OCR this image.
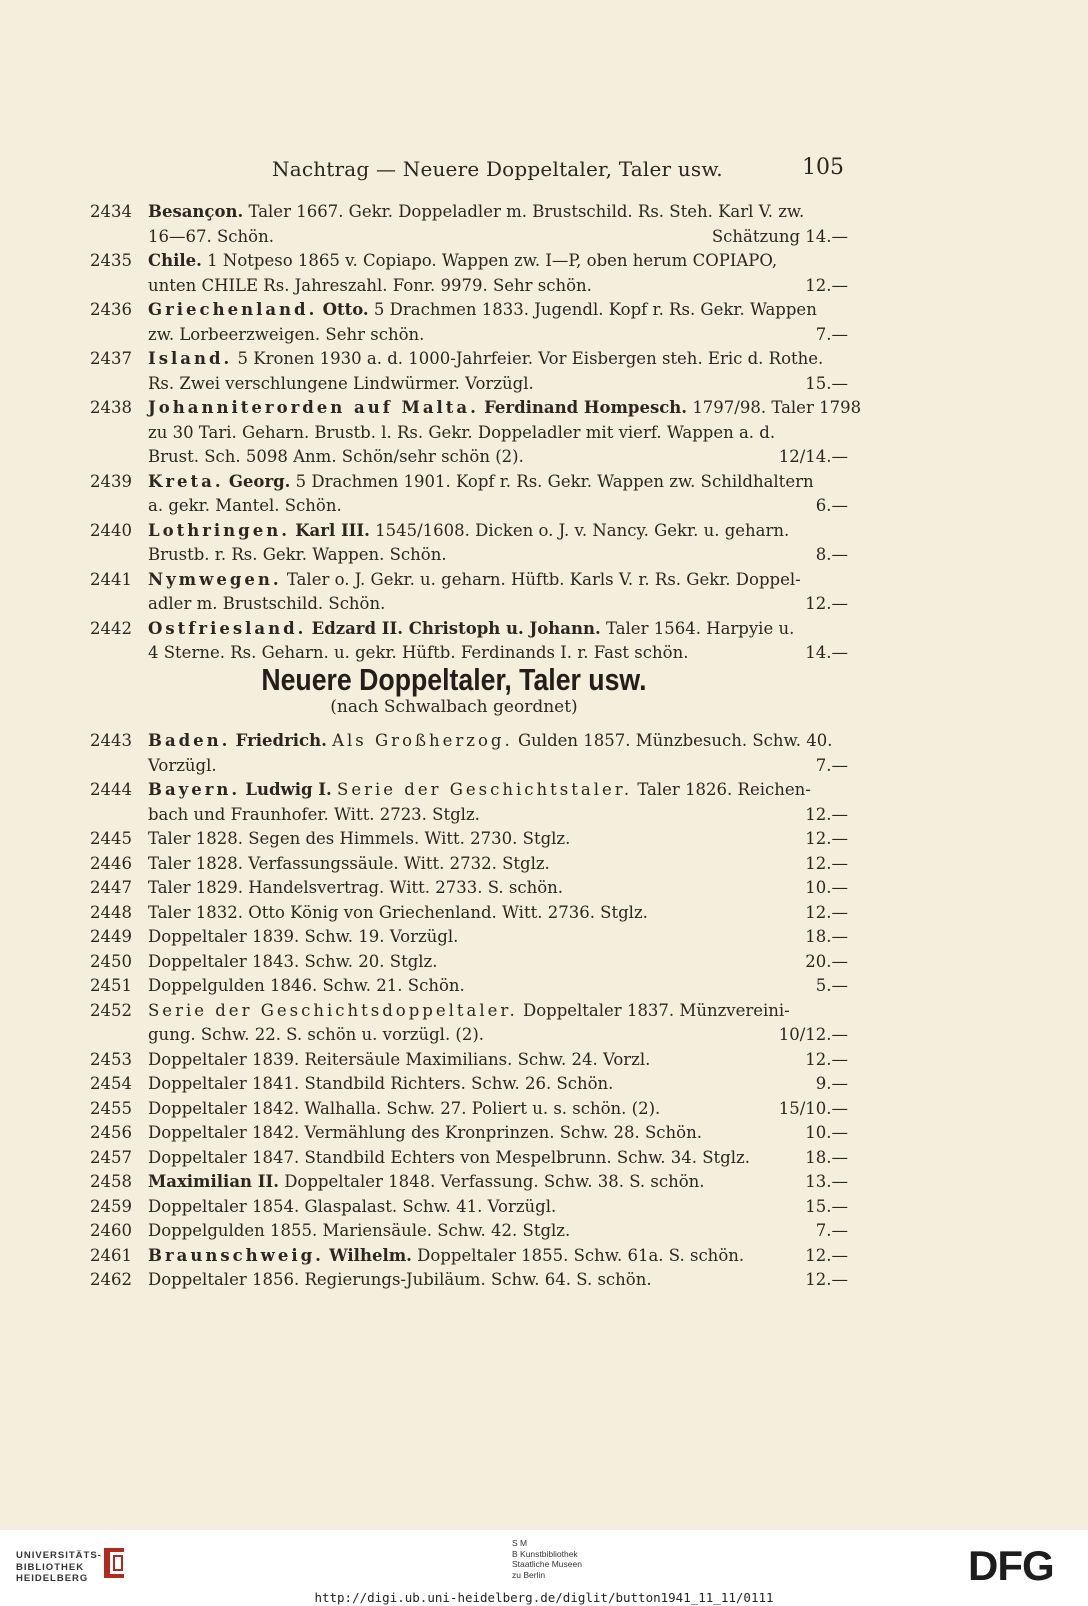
Nachtrag — Neuere Doppeltaler, Taler usw.	105
2434 Besançon. Taler 1667. Gekr. Doppeladler m. Brustschild. Rs. Steh. Karl V. zw.
16—67. Schön.	Schätzung 14.—
2435 Chile. 1 Notpeso 1865 v. Copiapo. Wappen zw. I—P, oben herum COPIAPO,
unten CHILE Rs. Jahreszahl. Fonr. 9979. Sehr schön.	12.—
2436 Griechenland. Otto. 5 Drachmen 1833. Jugendl. Kopf r. Rs. Gekr. Wappen
zw. Lorbeerzweigen. Sehr schön.	7.—
2437 Island. 5 Kronen 1930 a. d. 1000-Jahrfeier. Vor Eisbergen steh. Eric d. Rothe.
Rs. Zwei verschlungene Lindwürmer. Vorzügl.	15.—
2438 Johanniterorden auf Malta. Ferdinand Hompesch. 1797/98. Taler 1798
zu 30 Tari. Geharn. Brustb. l. Rs. Gekr. Doppeladler mit vierf. Wappen a. d.
Brust. Sch. 5098 Anm. Schön/sehr schön (2).	12/14.—
2439 Kreta. Georg. 5 Drachmen 1901. Kopf r. Rs. Gekr. Wappen zw. Schildhaltern
a. gekr. Mantel. Schön.	6.—
2440 Lothringen. Karl III. 1545/1608. Dicken o. J. v. Nancy. Gekr. u. geharn.
Brustb. r. Rs. Gekr. Wappen. Schön.	8.—
2441 Nymwegen. Taler o. J. Gekr. u. geharn. Hüftb. Karls V. r. Rs. Gekr. Doppel-
adler m. Brustschild. Schön.	12.—
2442 Ostfriesland. Edzard II. Christoph u. Johann. Taler 1564. Harpyie u.
4 Sterne. Rs. Geharn. u. gekr. Hüftb. Ferdinands I. r. Fast schön.	14.—
Neuere Doppeltaler, Taler usw.
(nach Schwalbach geordnet)
2443 Baden. Friedrich. Als Großherzog. Gulden 1857. Münzbesuch. Schw. 40.
Vorzügl.	7.—
2444 Bayern. Ludwig I. Serie der Geschichtstaler. Taler 1826. Reichen-
bach und Fraunhofer. Witt. 2723. Stglz.	12.—
2445 Taler 1828. Segen des Himmels. Witt. 2730. Stglz.	12.—
2446 Taler 1828. Verfassungssäule. Witt. 2732. Stglz.	12.—
2447 Taler 1829. Handelsvertrag. Witt. 2733. S. schön.	10.—
2448 Taler 1832. Otto König von Griechenland. Witt. 2736. Stglz.	12.—
2449 Doppeltaler 1839. Schw. 19. Vorzügl.	18.—
2450 Doppeltaler 1843. Schw. 20. Stglz.	20.—
2451 Doppelgulden 1846. Schw. 21. Schön.	5.—
2452 Serie der Geschichtsdoppeltaler. Doppeltaler 1837. Münzvereini-
gung. Schw. 22. S. schön u. vorzügl. (2).	10/12.—
2453 Doppeltaler 1839. Reitersäule Maximilians. Schw. 24. Vorzl.	12.—
2454 Doppeltaler 1841. Standbild Richters. Schw. 26. Schön.	9.—
2455 Doppeltaler 1842. Walhalla. Schw. 27. Poliert u. s. schön. (2).	15/10.—
2456 Doppeltaler 1842. Vermählung des Kronprinzen. Schw. 28. Schön.	10.—
2457 Doppeltaler 1847. Standbild Echters von Mespelbrunn. Schw. 34. Stglz.	18.—
2458 Maximilian II. Doppeltaler 1848. Verfassung. Schw. 38. S. schön.	13.—
2459 Doppeltaler 1854. Glaspalast. Schw. 41. Vorzügl.	15.—
2460 Doppelgulden 1855. Mariensäule. Schw. 42. Stglz.	7.—
2461 Braunschweig. Wilhelm. Doppeltaler 1855. Schw. 61a. S. schön.	12.—
2462 Doppeltaler 1856. Regierungs-Jubiläum. Schw. 64. S. schön.	12.—
UNIVERSITÄTS-
BIBLIOTHEK
HEIDELBERG
S M
B Kunstbibliothek
Staatliche Museen
zu Berlin	DFG
http://digi.ub.uni-heidelberg.de/diglit/button1941_11_11/0111
